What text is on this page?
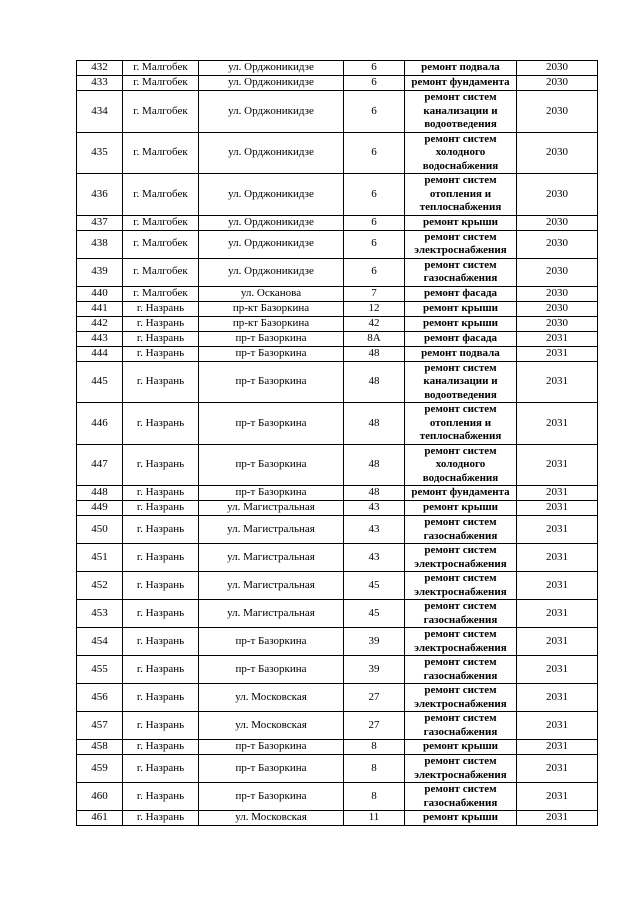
432	г. Малгобек	ул. Орджоникидзе	6	ремонт подвала	2030
433	г. Малгобек	ул. Орджоникидзе	6	ремонт фундамента	2030
434	г. Малгобек	ул. Орджоникидзе	6	ремонт систем
канализации и
водоотведения	2030
435	г. Малгобек	ул. Орджоникидзе	6	ремонт систем
холодного
водоснабжения	2030
436	г. Малгобек	ул. Орджоникидзе	6	ремонт систем
отопления и
теплоснабжения	2030
437	г. Малгобек	ул. Орджоникидзе	6	ремонт крыши	2030
438	г. Малгобек	ул. Орджоникидзе	6	ремонт систем
электроснабжения	2030
439	г. Малгобек	ул. Орджоникидзе	6	ремонт систем
газоснабжения	2030
440	г. Малгобек	ул. Осканова	7	ремонт фасада	2030
441	г. Назрань	пр-кт Базоркина	12	ремонт крыши	2030
442	г. Назрань	пр-кт Базоркина	42	ремонт крыши	2030
443	г. Назрань	пр-т Базоркина	8А	ремонт фасада	2031
444	г. Назрань	пр-т Базоркина	48	ремонт подвала	2031
445	г. Назрань	пр-т Базоркина	48	ремонт систем
канализации и
водоотведения	2031
446	г. Назрань	пр-т Базоркина	48	ремонт систем
отопления и
теплоснабжения	2031
447	г. Назрань	пр-т Базоркина	48	ремонт систем
холодного
водоснабжения	2031
448	г. Назрань	пр-т Базоркина	48	ремонт фундамента	2031
449	г. Назрань	ул. Магистральная	43	ремонт крыши	2031
450	г. Назрань	ул. Магистральная	43	ремонт систем
газоснабжения	2031
451	г. Назрань	ул. Магистральная	43	ремонт систем
электроснабжения	2031
452	г. Назрань	ул. Магистральная	45	ремонт систем
электроснабжения	2031
453	г. Назрань	ул. Магистральная	45	ремонт систем
газоснабжения	2031
454	г. Назрань	пр-т Базоркина	39	ремонт систем
электроснабжения	2031
455	г. Назрань	пр-т Базоркина	39	ремонт систем
газоснабжения	2031
456	г. Назрань	ул. Московская	27	ремонт систем
электроснабжения	2031
457	г. Назрань	ул. Московская	27	ремонт систем
газоснабжения	2031
458	г. Назрань	пр-т Базоркина	8	ремонт крыши	2031
459	г. Назрань	пр-т Базоркина	8	ремонт систем
электроснабжения	2031
460	г. Назрань	пр-т Базоркина	8	ремонт систем
газоснабжения	2031
461	г. Назрань	ул. Московская	11	ремонт крыши	2031
